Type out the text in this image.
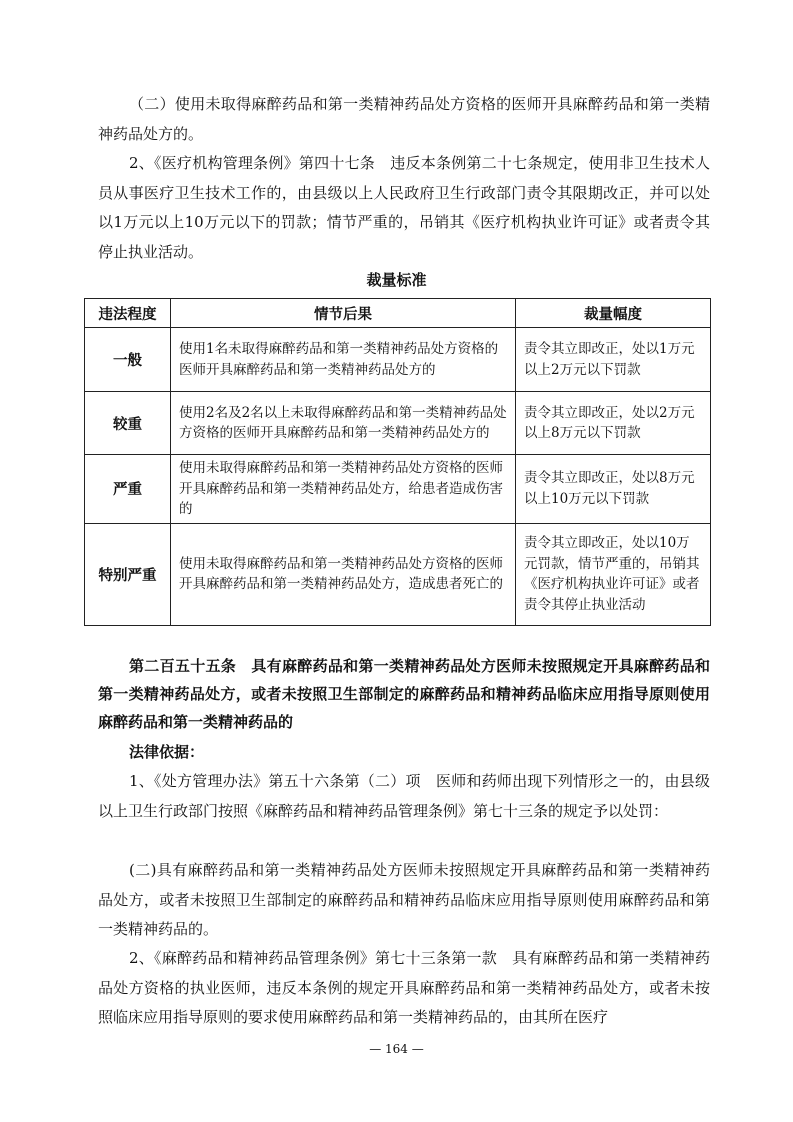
（二）使用未取得麻醉药品和第一类精神药品处方资格的医师开具麻醉药品和第一类精神药品处方的。

2、《医疗机构管理条例》第四十七条　违反本条例第二十七条规定，使用非卫生技术人员从事医疗卫生技术工作的，由县级以上人民政府卫生行政部门责令其限期改正，并可以处以1万元以上10万元以下的罚款；情节严重的，吊销其《医疗机构执业许可证》或者责令其停止执业活动。

裁量标准

违法程度	情节后果	裁量幅度
一般	使用1名未取得麻醉药品和第一类精神药品处方资格的医师开具麻醉药品和第一类精神药品处方的	责令其立即改正，处以1万元以上2万元以下罚款
较重	使用2名及2名以上未取得麻醉药品和第一类精神药品处方资格的医师开具麻醉药品和第一类精神药品处方的	责令其立即改正，处以2万元以上8万元以下罚款
严重	使用未取得麻醉药品和第一类精神药品处方资格的医师开具麻醉药品和第一类精神药品处方，给患者造成伤害的	责令其立即改正，处以8万元以上10万元以下罚款
特别严重	使用未取得麻醉药品和第一类精神药品处方资格的医师开具麻醉药品和第一类精神药品处方，造成患者死亡的	责令其立即改正，处以10万元罚款，情节严重的，吊销其《医疗机构执业许可证》或者责令其停止执业活动

第二百五十五条　具有麻醉药品和第一类精神药品处方医师未按照规定开具麻醉药品和第一类精神药品处方，或者未按照卫生部制定的麻醉药品和精神药品临床应用指导原则使用麻醉药品和第一类精神药品的

法律依据：

1、《处方管理办法》第五十六条第（二）项　医师和药师出现下列情形之一的，由县级以上卫生行政部门按照《麻醉药品和精神药品管理条例》第七十三条的规定予以处罚：

(二)具有麻醉药品和第一类精神药品处方医师未按照规定开具麻醉药品和第一类精神药品处方，或者未按照卫生部制定的麻醉药品和精神药品临床应用指导原则使用麻醉药品和第一类精神药品的。

2、《麻醉药品和精神药品管理条例》第七十三条第一款　具有麻醉药品和第一类精神药品处方资格的执业医师，违反本条例的规定开具麻醉药品和第一类精神药品处方，或者未按照临床应用指导原则的要求使用麻醉药品和第一类精神药品的，由其所在医疗

— 164 —
